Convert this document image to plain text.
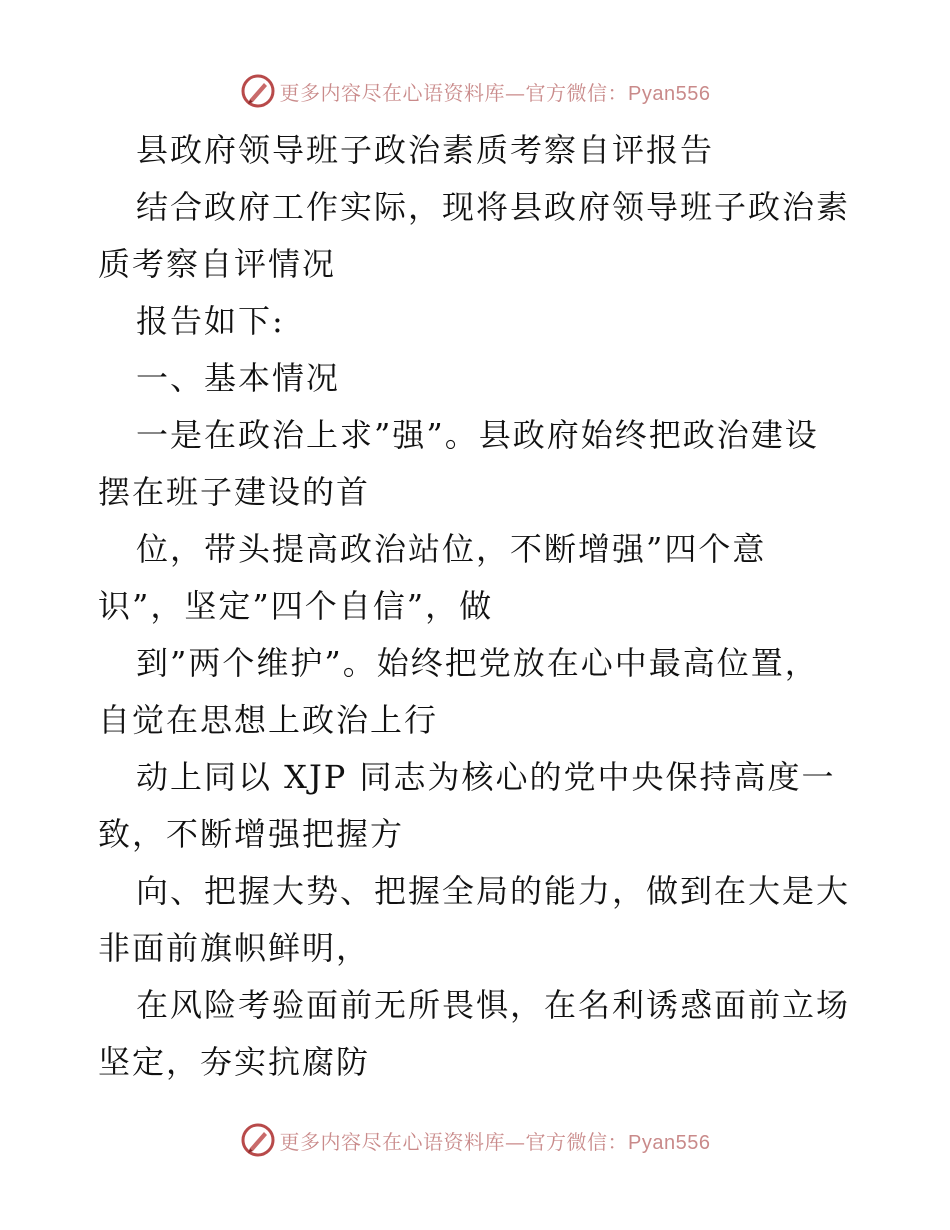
更多内容尽在心语资料库—官方微信：Pyan556
县政府领导班子政治素质考察自评报告
结合政府工作实际，现将县政府领导班子政治素
质考察自评情况
报告如下:
一、基本情况
一是在政治上求”强”。县政府始终把政治建设
摆在班子建设的首
位，带头提高政治站位，不断增强”四个意
识”，坚定”四个自信”，做
到”两个维护”。始终把党放在心中最高位置，
自觉在思想上政治上行
动上同以 XJP 同志为核心的党中央保持高度一
致，不断增强把握方
向、把握大势、把握全局的能力，做到在大是大
非面前旗帜鲜明，
在风险考验面前无所畏惧，在名利诱惑面前立场
坚定，夯实抗腐防
更多内容尽在心语资料库—官方微信：Pyan556
